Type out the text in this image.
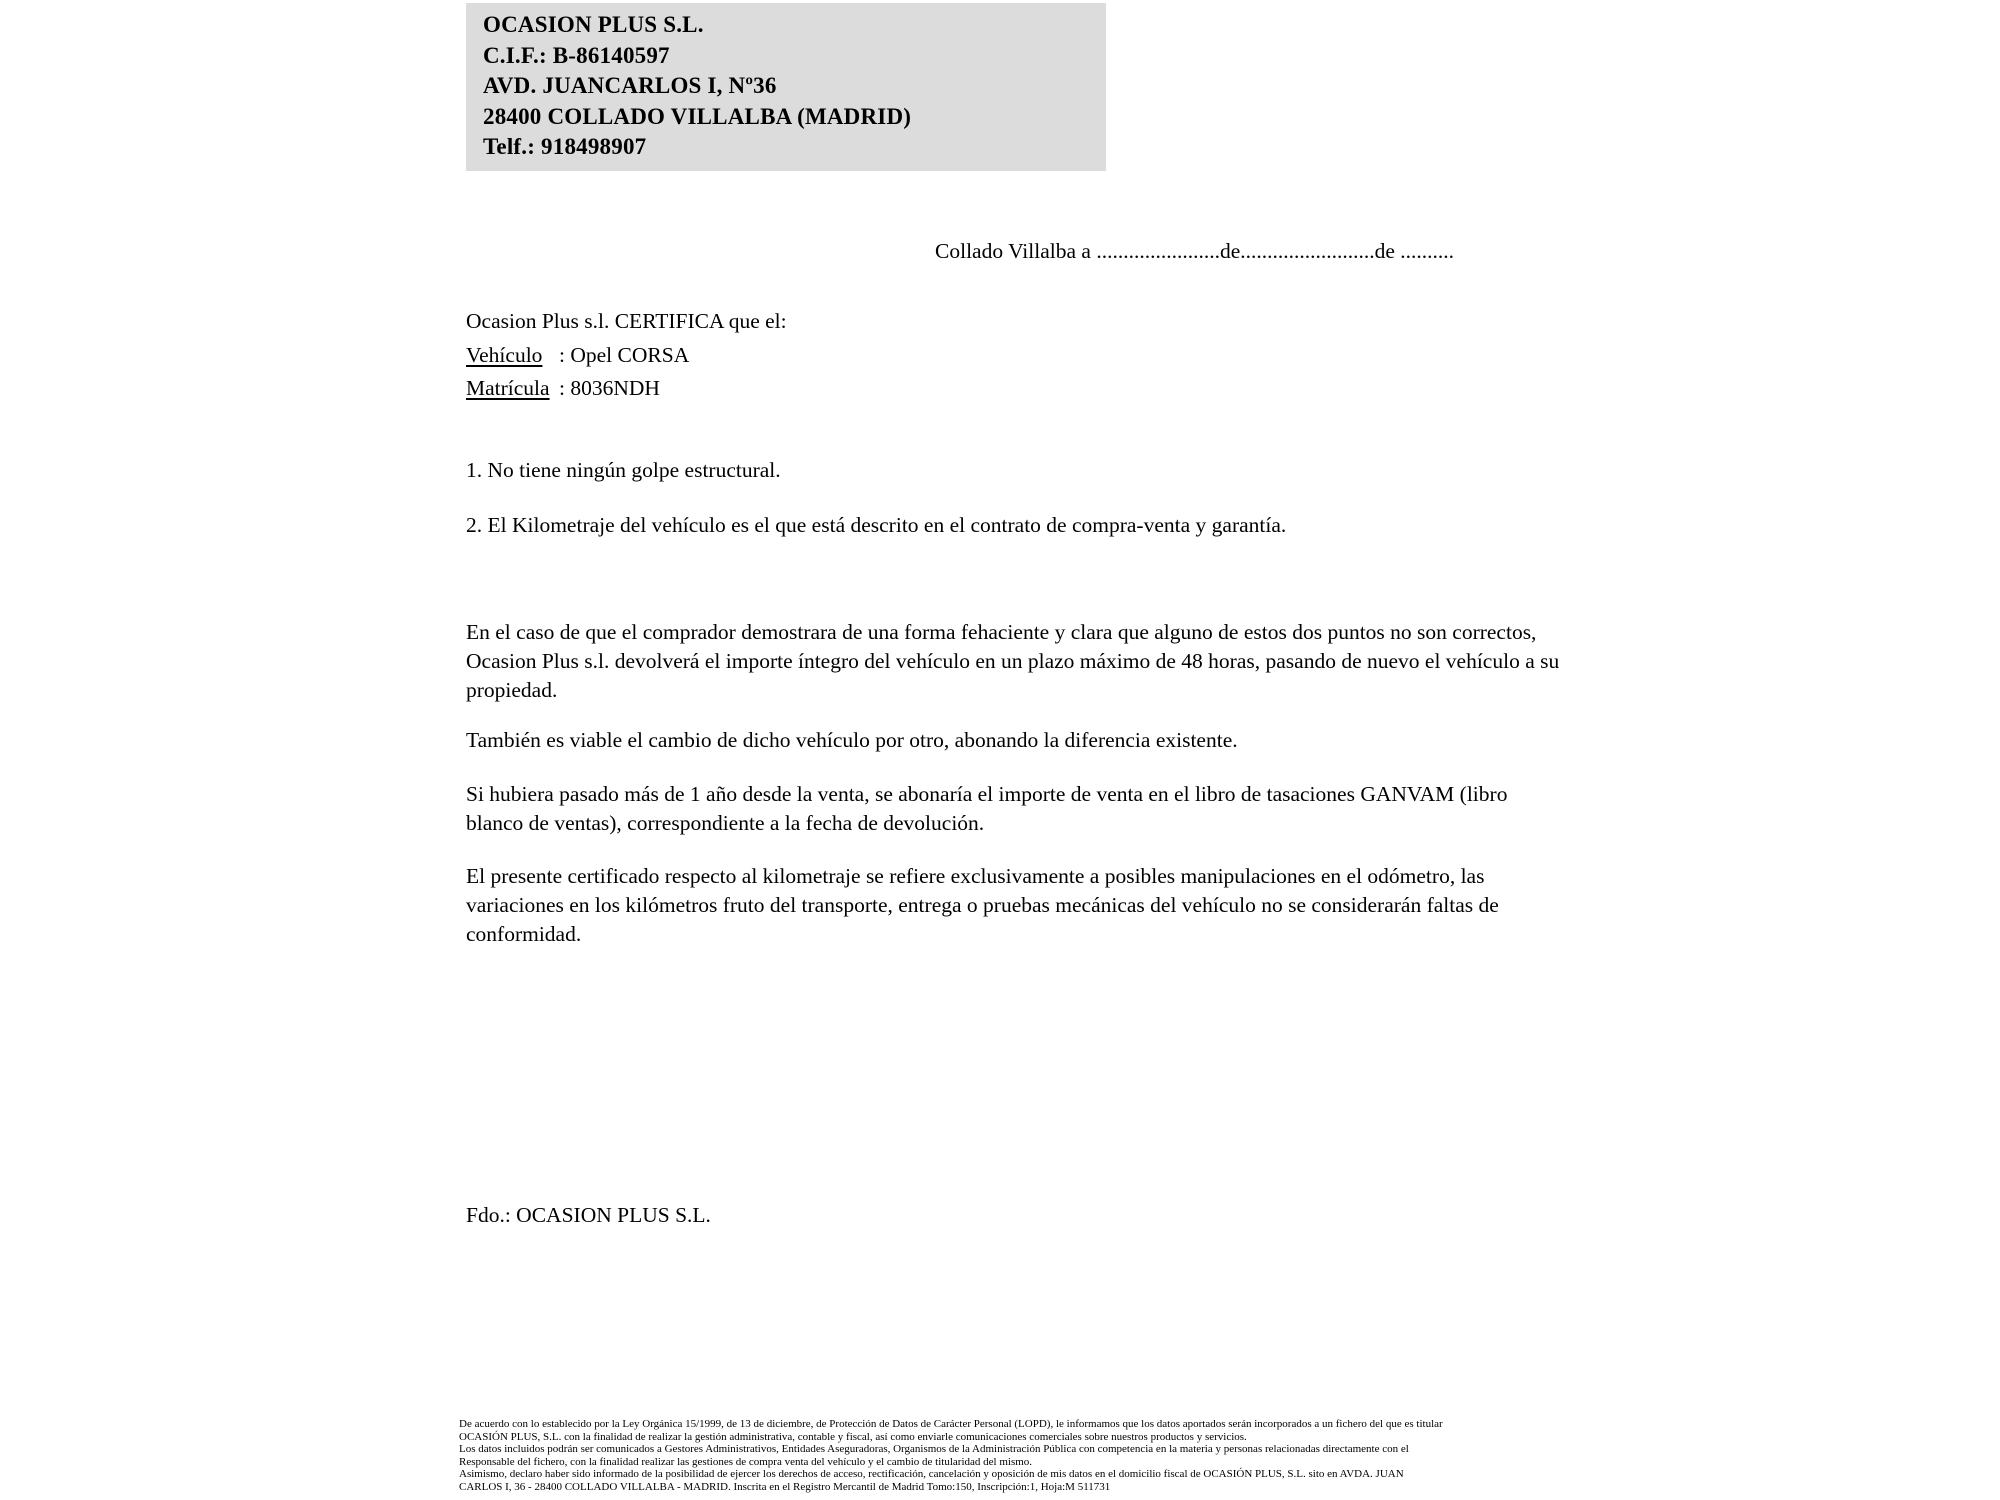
OCASION PLUS S.L.
C.I.F.: B-86140597
AVD. JUANCARLOS I, Nº36
28400 COLLADO VILLALBA (MADRID)
Telf.: 918498907
Collado Villalba a .......................de.........................de ..........
Ocasion Plus s.l. CERTIFICA que el:
Vehículo : Opel CORSA
Matrícula : 8036NDH
1. No tiene ningún golpe estructural.
2. El Kilometraje del vehículo es el que está descrito en el contrato de compra-venta y garantía.
En el caso de que el comprador demostrara de una forma fehaciente y clara que alguno de estos dos puntos no son correctos, Ocasion Plus s.l. devolverá el importe íntegro del vehículo en un plazo máximo de 48 horas, pasando de nuevo el vehículo a su propiedad.
También es viable el cambio de dicho vehículo por otro, abonando la diferencia existente.
Si hubiera pasado más de 1 año desde la venta, se abonaría el importe de venta en el libro de tasaciones GANVAM (libro blanco de ventas), correspondiente a la fecha de devolución.
El presente certificado respecto al kilometraje se refiere exclusivamente a posibles manipulaciones en el odómetro, las variaciones en los kilómetros fruto del transporte, entrega o pruebas mecánicas del vehículo no se considerarán faltas de conformidad.
Fdo.: OCASION PLUS S.L.
De acuerdo con lo establecido por la Ley Orgánica 15/1999, de 13 de diciembre, de Protección de Datos de Carácter Personal (LOPD), le informamos que los datos aportados serán incorporados a un fichero del que es titular
OCASIÓN PLUS, S.L. con la finalidad de realizar la gestión administrativa, contable y fiscal, así como enviarle comunicaciones comerciales sobre nuestros productos y servicios.
Los datos incluidos podrán ser comunicados a Gestores Administrativos, Entidades Aseguradoras, Organismos de la Administración Pública con competencia en la materia y personas relacionadas directamente con el
Responsable del fichero, con la finalidad realizar las gestiones de compra venta del vehículo y el cambio de titularidad del mismo.
Asimismo, declaro haber sido informado de la posibilidad de ejercer los derechos de acceso, rectificación, cancelación y oposición de mis datos en el domicilio fiscal de OCASIÓN PLUS, S.L. sito en AVDA. JUAN
CARLOS I, 36 - 28400 COLLADO VILLALBA - MADRID. Inscrita en el Registro Mercantil de Madrid Tomo:150, Inscripción:1, Hoja:M 511731
